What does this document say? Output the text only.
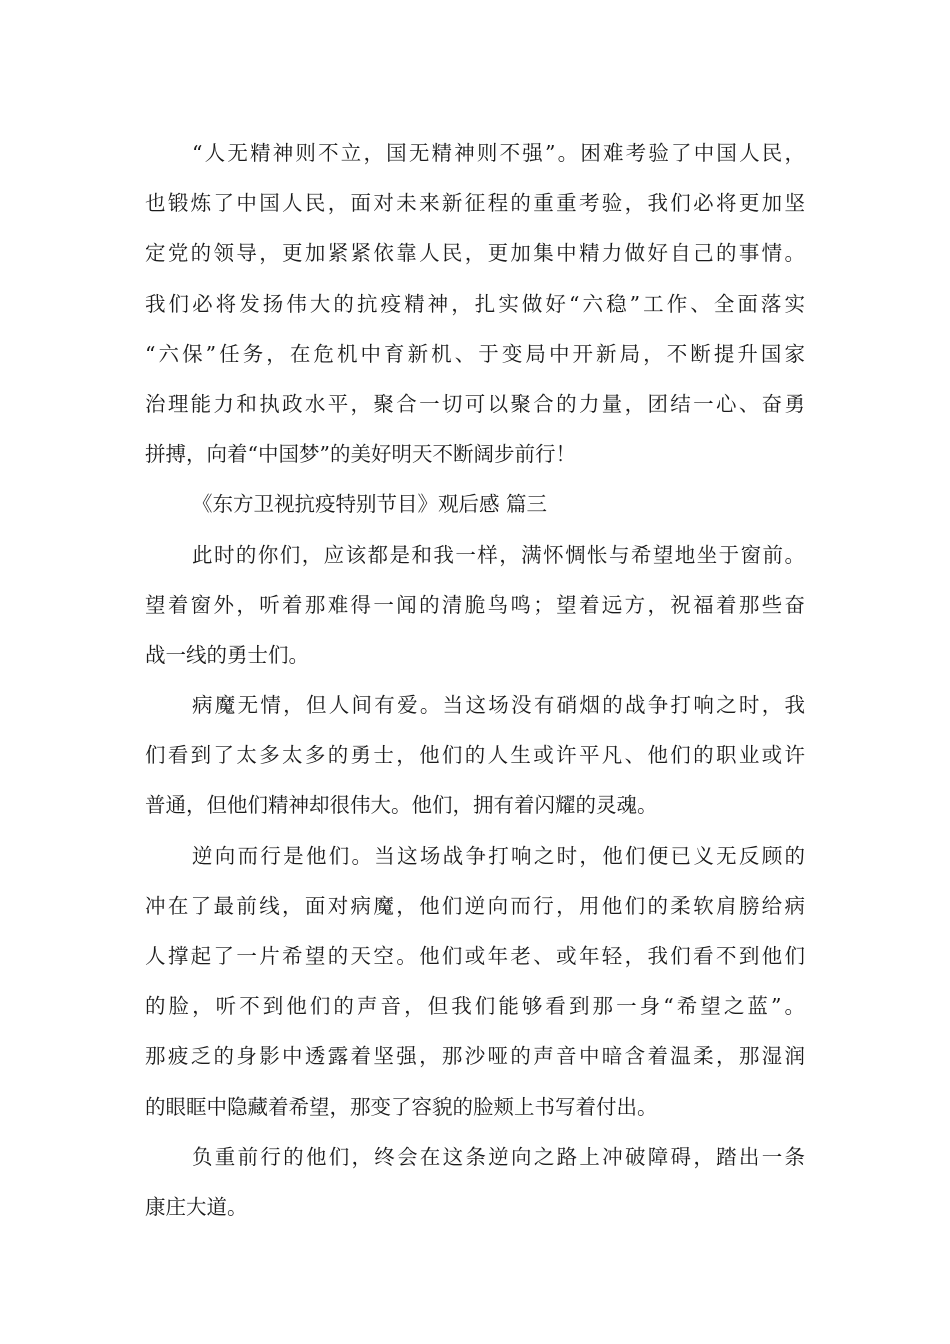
“人无精神则不立，国无精神则不强”。困难考验了中国人民，
也锻炼了中国人民，面对未来新征程的重重考验，我们必将更加坚
定党的领导，更加紧紧依靠人民，更加集中精力做好自己的事情。
我们必将发扬伟大的抗疫精神，扎实做好“六稳”工作、全面落实
“六保”任务，在危机中育新机、于变局中开新局，不断提升国家
治理能力和执政水平，聚合一切可以聚合的力量，团结一心、奋勇
拼搏，向着“中国梦”的美好明天不断阔步前行！
《东方卫视抗疫特别节目》观后感 篇三
此时的你们，应该都是和我一样，满怀惆怅与希望地坐于窗前。
望着窗外，听着那难得一闻的清脆鸟鸣；望着远方，祝福着那些奋
战一线的勇士们。
病魔无情，但人间有爱。当这场没有硝烟的战争打响之时，我
们看到了太多太多的勇士，他们的人生或许平凡、他们的职业或许
普通，但他们精神却很伟大。他们，拥有着闪耀的灵魂。
逆向而行是他们。当这场战争打响之时，他们便已义无反顾的
冲在了最前线，面对病魔，他们逆向而行，用他们的柔软肩膀给病
人撑起了一片希望的天空。他们或年老、或年轻，我们看不到他们
的脸，听不到他们的声音，但我们能够看到那一身“希望之蓝”。
那疲乏的身影中透露着坚强，那沙哑的声音中暗含着温柔，那湿润
的眼眶中隐藏着希望，那变了容貌的脸颊上书写着付出。
负重前行的他们，终会在这条逆向之路上冲破障碍，踏出一条
康庄大道。
